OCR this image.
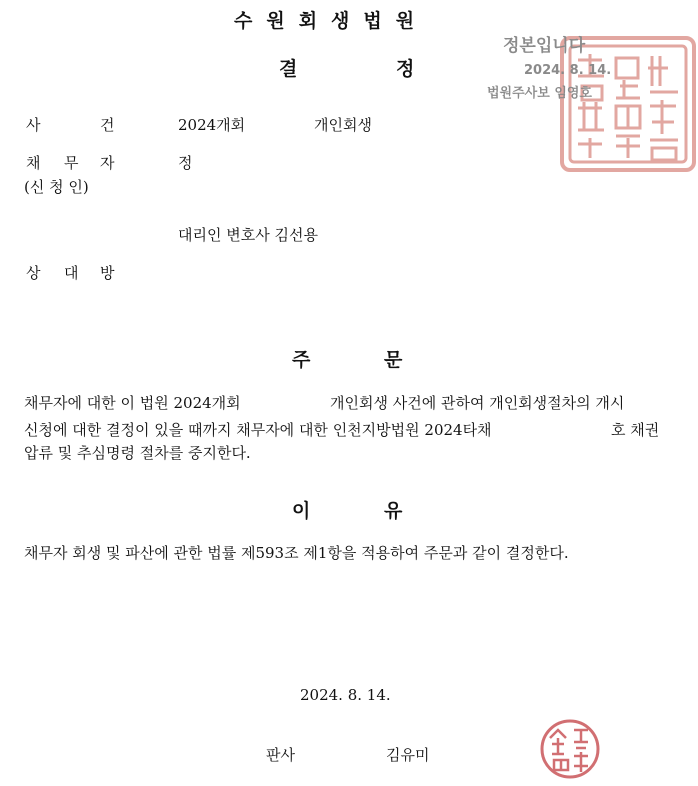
수원회생법원
결	정
정본입니다
2024. 8. 14.
법원주사보 임영호
사	건	2024개회	개인회생
채 무 자	정
(신 청 인)
대리인 변호사 김선용
상 대 방
주	문
채무자에 대한 이 법원 2024개회	개인회생 사건에 관하여 개인회생절차의 개시
신청에 대한 결정이 있을 때까지 채무자에 대한 인천지방법원 2024타채	호 채권
압류 및 추심명령 절차를 중지한다.
이	유
채무자 회생 및 파산에 관한 법률 제593조 제1항을 적용하여 주문과 같이 결정한다.
2024. 8. 14.
판사	김유미
